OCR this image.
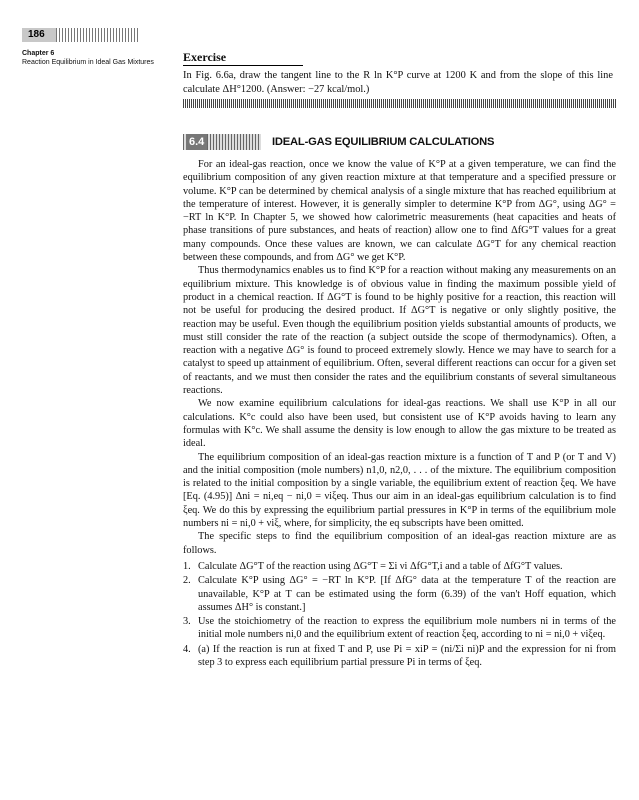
186
Chapter 6
Reaction Equilibrium in Ideal Gas Mixtures	Exercise
In Fig. 6.6a, draw the tangent line to the R ln K°P curve at 1200 K and from the slope of this line calculate ΔH°1200. (Answer: −27 kcal/mol.)
6.4	IDEAL-GAS EQUILIBRIUM CALCULATIONS

For an ideal-gas reaction, once we know the value of K°P at a given temperature, we can find the equilibrium composition of any given reaction mixture at that temperature and a specified pressure or volume. K°P can be determined by chemical analysis of a single mixture that has reached equilibrium at the temperature of interest. However, it is generally simpler to determine K°P from ΔG°, using ΔG° = −RT ln K°P. In Chapter 5, we showed how calorimetric measurements (heat capacities and heats of phase transitions of pure substances, and heats of reaction) allow one to find ΔfG°T values for a great many compounds. Once these values are known, we can calculate ΔG°T for any chemical reaction between these compounds, and from ΔG° we get K°P.

Thus thermodynamics enables us to find K°P for a reaction without making any measurements on an equilibrium mixture. This knowledge is of obvious value in finding the maximum possible yield of product in a chemical reaction. If ΔG°T is found to be highly positive for a reaction, this reaction will not be useful for producing the desired product. If ΔG°T is negative or only slightly positive, the reaction may be useful. Even though the equilibrium position yields substantial amounts of products, we must still consider the rate of the reaction (a subject outside the scope of thermodynamics). Often, a reaction with a negative ΔG° is found to proceed extremely slowly. Hence we may have to search for a catalyst to speed up attainment of equilibrium. Often, several different reactions can occur for a given set of reactants, and we must then consider the rates and the equilibrium constants of several simultaneous reactions.

We now examine equilibrium calculations for ideal-gas reactions. We shall use K°P in all our calculations. K°c could also have been used, but consistent use of K°P avoids having to learn any formulas with K°c. We shall assume the density is low enough to allow the gas mixture to be treated as ideal.

The equilibrium composition of an ideal-gas reaction mixture is a function of T and P (or T and V) and the initial composition (mole numbers) n1,0, n2,0, . . . of the mixture. The equilibrium composition is related to the initial composition by a single variable, the equilibrium extent of reaction ξeq. We have [Eq. (4.95)] Δni = ni,eq − ni,0 = νiξeq. Thus our aim in an ideal-gas equilibrium calculation is to find ξeq. We do this by expressing the equilibrium partial pressures in K°P in terms of the equilibrium mole numbers ni = ni,0 + νiξ, where, for simplicity, the eq subscripts have been omitted.

The specific steps to find the equilibrium composition of an ideal-gas reaction mixture are as follows.

1. Calculate ΔG°T of the reaction using ΔG°T = Σi νi ΔfG°T,i and a table of ΔfG°T values.
2. Calculate K°P using ΔG° = −RT ln K°P. [If ΔfG° data at the temperature T of the reaction are unavailable, K°P at T can be estimated using the form (6.39) of the van't Hoff equation, which assumes ΔH° is constant.]
3. Use the stoichiometry of the reaction to express the equilibrium mole numbers ni in terms of the initial mole numbers ni,0 and the equilibrium extent of reaction ξeq, according to ni = ni,0 + νiξeq.
4. (a) If the reaction is run at fixed T and P, use Pi = xiP = (ni/Σi ni)P and the expression for ni from step 3 to express each equilibrium partial pressure Pi in terms of ξeq.
